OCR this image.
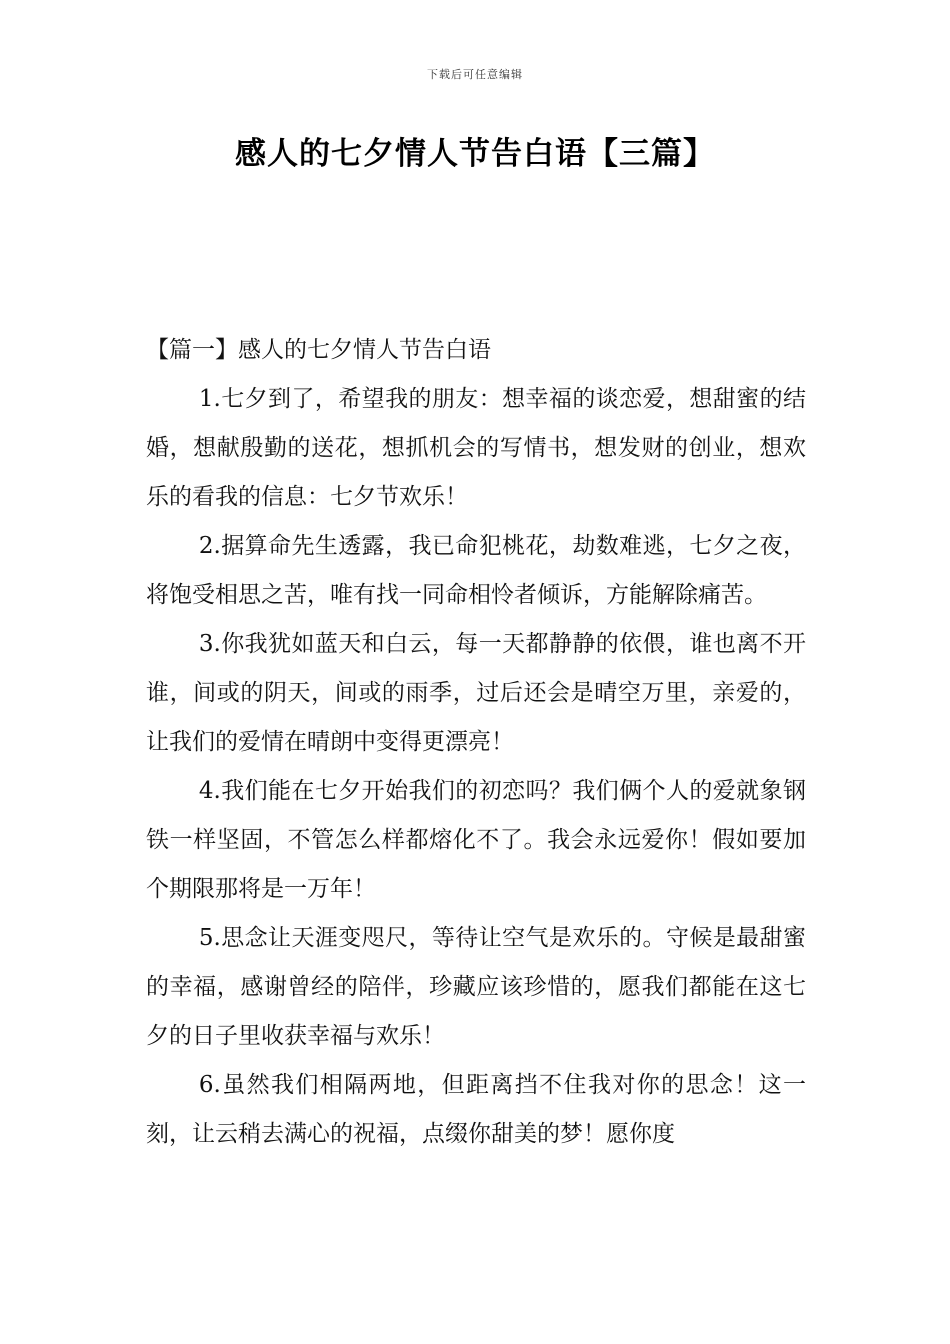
下载后可任意编辑
感人的七夕情人节告白语【三篇】

【篇一】感人的七夕情人节告白语

1.七夕到了，希望我的朋友：想幸福的谈恋爱，想甜蜜的结婚，想献殷勤的送花，想抓机会的写情书，想发财的创业，想欢乐的看我的信息：七夕节欢乐！

2.据算命先生透露，我已命犯桃花，劫数难逃，七夕之夜，将饱受相思之苦，唯有找一同命相怜者倾诉，方能解除痛苦。

3.你我犹如蓝天和白云，每一天都静静的依偎，谁也离不开谁，间或的阴天，间或的雨季，过后还会是晴空万里，亲爱的，让我们的爱情在晴朗中变得更漂亮！

4.我们能在七夕开始我们的初恋吗？我们俩个人的爱就象钢铁一样坚固，不管怎么样都熔化不了。我会永远爱你！假如要加个期限那将是一万年！

5.思念让天涯变咫尺，等待让空气是欢乐的。守候是最甜蜜的幸福，感谢曾经的陪伴，珍藏应该珍惜的，愿我们都能在这七夕的日子里收获幸福与欢乐！

6.虽然我们相隔两地，但距离挡不住我对你的思念！这一刻，让云稍去满心的祝福，点缀你甜美的梦！愿你度
